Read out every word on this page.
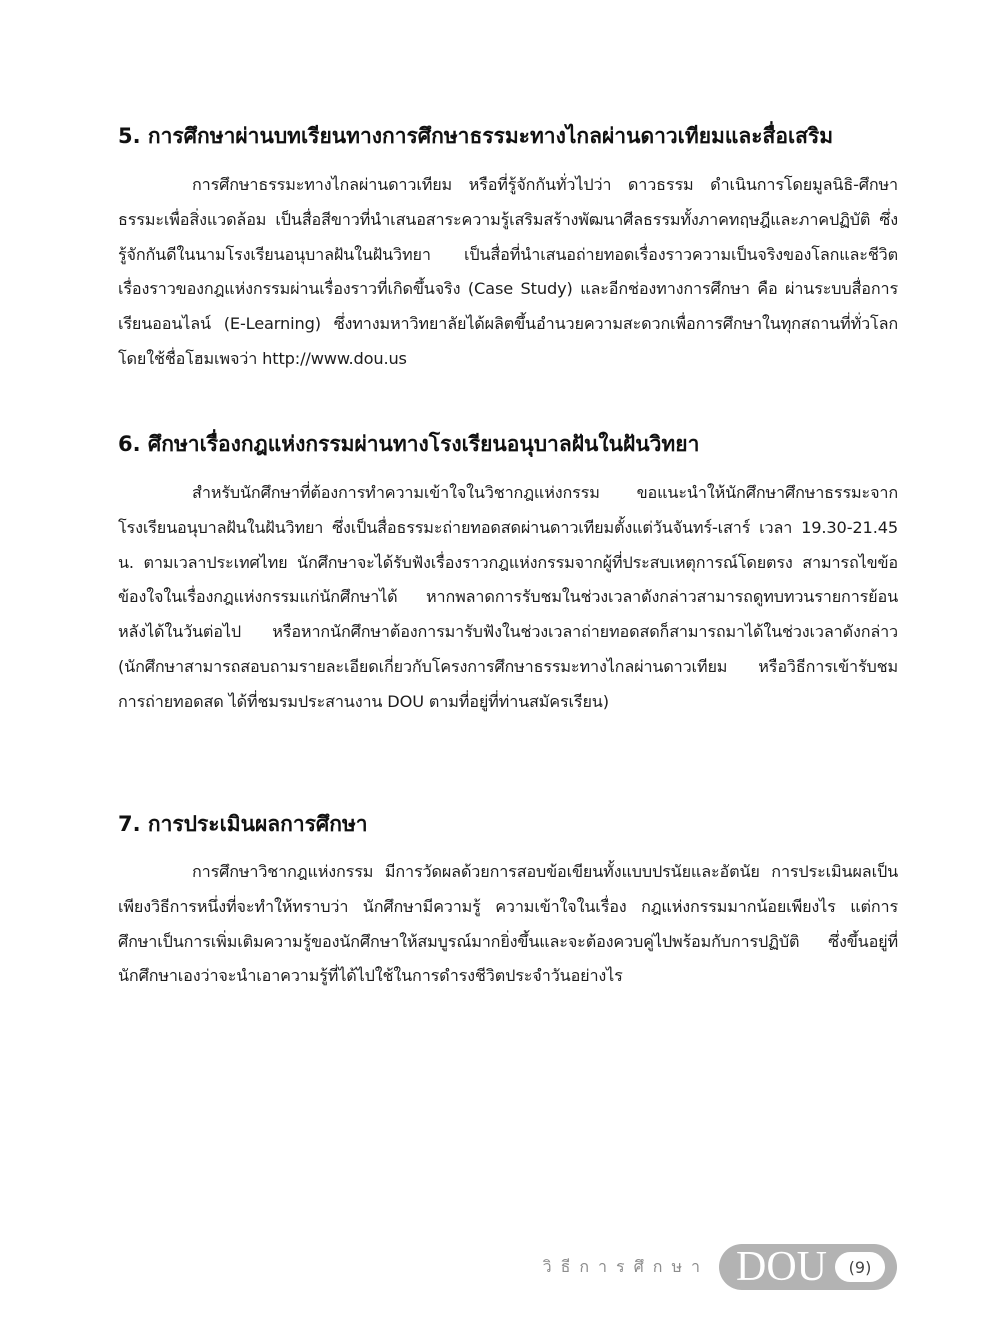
5. การศึกษาผ่านบทเรียนทางการศึกษาธรรมะทางไกลผ่านดาวเทียมและสื่อเสริม

การศึกษาธรรมะทางไกลผ่านดาวเทียม หรือที่รู้จักกันทั่วไปว่า ดาวธรรม ดำเนินการโดยมูลนิธิ-ศึกษาธรรมะเพื่อสิ่งแวดล้อม เป็นสื่อสีขาวที่นำเสนอสาระความรู้เสริมสร้างพัฒนาศีลธรรมทั้งภาคทฤษฎีและภาคปฏิบัติ ซึ่งรู้จักกันดีในนามโรงเรียนอนุบาลฝันในฝันวิทยา เป็นสื่อที่นำเสนอถ่ายทอดเรื่องราวความเป็นจริงของโลกและชีวิต เรื่องราวของกฎแห่งกรรมผ่านเรื่องราวที่เกิดขึ้นจริง (Case Study) และอีกช่องทางการศึกษา คือ ผ่านระบบสื่อการเรียนออนไลน์ (E-Learning) ซึ่งทางมหาวิทยาลัยได้ผลิตขึ้นอำนวยความสะดวกเพื่อการศึกษาในทุกสถานที่ทั่วโลก โดยใช้ชื่อโฮมเพจว่า http://www.dou.us

6. ศึกษาเรื่องกฎแห่งกรรมผ่านทางโรงเรียนอนุบาลฝันในฝันวิทยา

สำหรับนักศึกษาที่ต้องการทำความเข้าใจในวิชากฎแห่งกรรม ขอแนะนำให้นักศึกษาศึกษาธรรมะจากโรงเรียนอนุบาลฝันในฝันวิทยา ซึ่งเป็นสื่อธรรมะถ่ายทอดสดผ่านดาวเทียมตั้งแต่วันจันทร์-เสาร์ เวลา 19.30-21.45 น. ตามเวลาประเทศไทย นักศึกษาจะได้รับฟังเรื่องราวกฎแห่งกรรมจากผู้ที่ประสบเหตุการณ์โดยตรง สามารถไขข้อข้องใจในเรื่องกฎแห่งกรรมแก่นักศึกษาได้ หากพลาดการรับชมในช่วงเวลาดังกล่าวสามารถดูทบทวนรายการย้อนหลังได้ในวันต่อไป หรือหากนักศึกษาต้องการมารับฟังในช่วงเวลาถ่ายทอดสดก็สามารถมาได้ในช่วงเวลาดังกล่าว (นักศึกษาสามารถสอบถามรายละเอียดเกี่ยวกับโครงการศึกษาธรรมะทางไกลผ่านดาวเทียม หรือวิธีการเข้ารับชมการถ่ายทอดสด ได้ที่ชมรมประสานงาน DOU ตามที่อยู่ที่ท่านสมัครเรียน)

7. การประเมินผลการศึกษา

การศึกษาวิชากฎแห่งกรรม มีการวัดผลด้วยการสอบข้อเขียนทั้งแบบปรนัยและอัตนัย การประเมินผลเป็นเพียงวิธีการหนึ่งที่จะทำให้ทราบว่า นักศึกษามีความรู้ ความเข้าใจในเรื่อง กฎแห่งกรรมมากน้อยเพียงไร แต่การศึกษาเป็นการเพิ่มเติมความรู้ของนักศึกษาให้สมบูรณ์มากยิ่งขึ้นและจะต้องควบคู่ไปพร้อมกับการปฏิบัติ ซึ่งขึ้นอยู่ที่นักศึกษาเองว่าจะนำเอาความรู้ที่ได้ไปใช้ในการดำรงชีวิตประจำวันอย่างไร

วิธีการศึกษา DOU	(9)
